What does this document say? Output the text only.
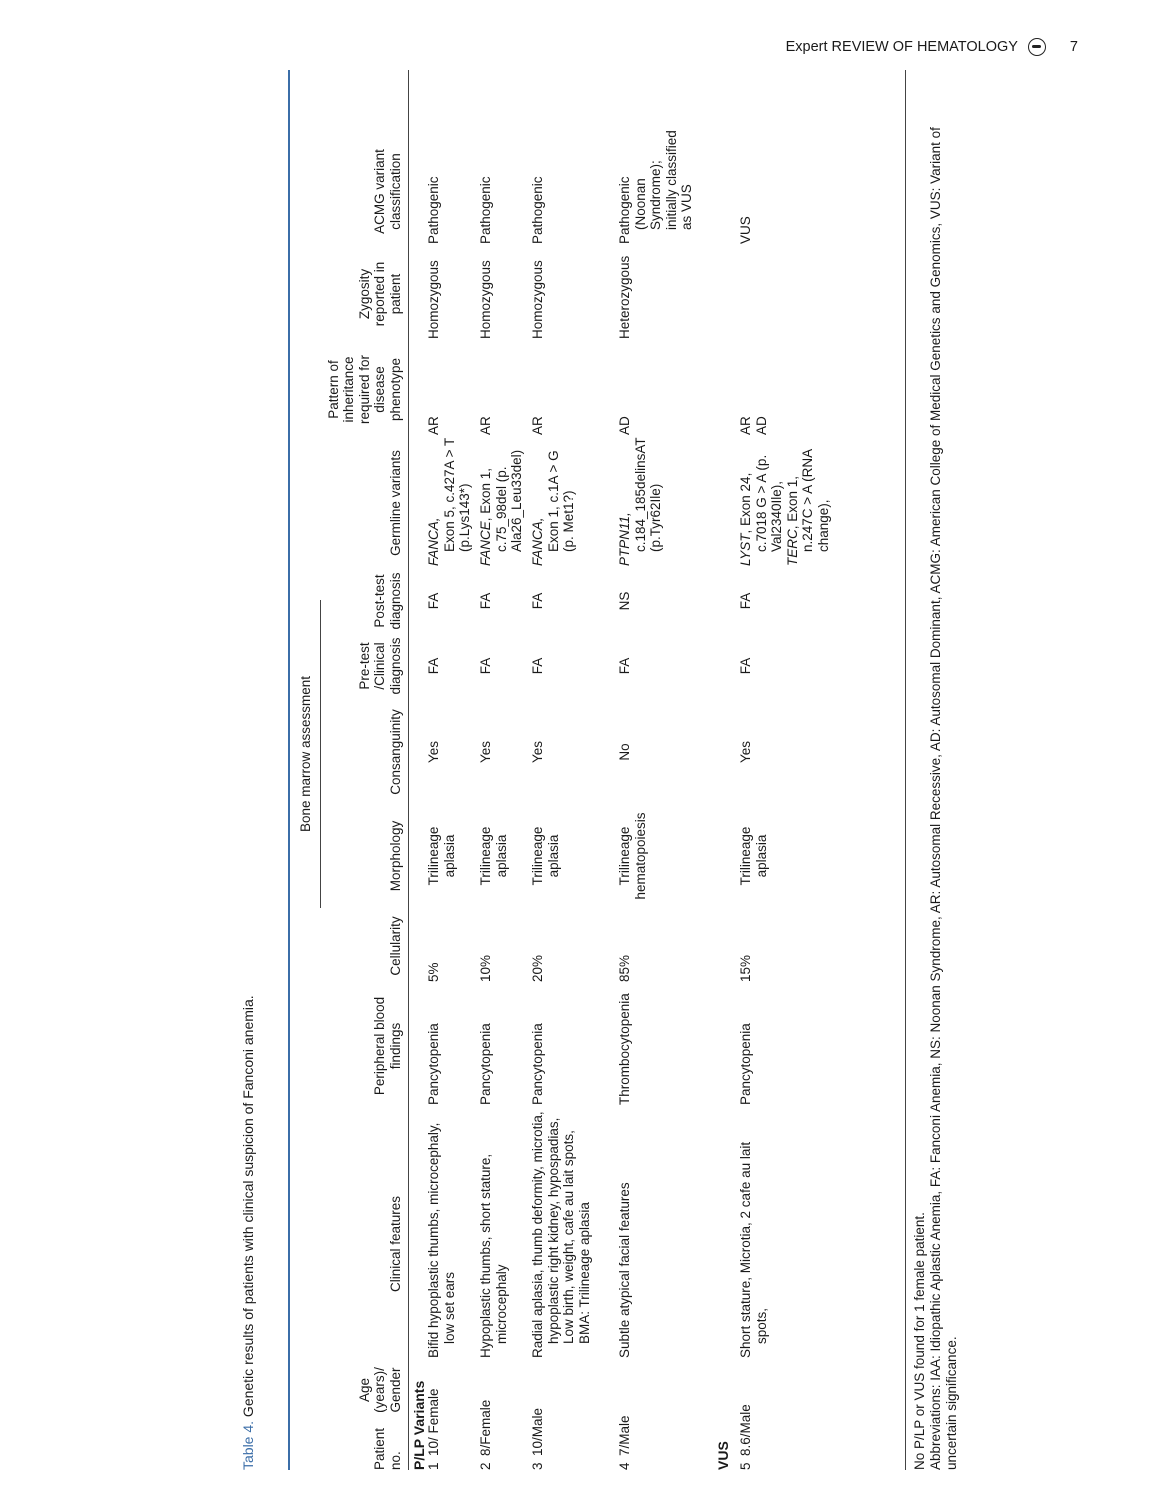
Expert REVIEW OF HEMATOLOGY	7
Table 4. Genetic results of patients with clinical suspicion of Fanconi anemia.
Bone marrow assessment
Patient no.
Age (years)/ Gender
Clinical features
Peripheral blood findings
Cellularity
Morphology
Consanguinity
Pre-test /Clinical diagnosis
Post-test diagnosis
Germline variants
Pattern of inheritance required for disease phenotype
Zygosity reported in patient
ACMG variant classification
P/LP Variants 1
10/ Female
Bifid hypoplastic thumbs, microcephaly, low set ears
Pancytopenia
5%
Trilineage aplasia
Yes
FA
FA
FANCA, Exon 5, c.427A > T (p.Lys143*)
AR
Homozygous
Pathogenic
2
8/Female
Hypoplastic thumbs, short stature, microcephaly
Pancytopenia
10%
Trilineage aplasia
Yes
FA
FA
FANCE, Exon 1, c.75_98del (p. Ala26_Leu33del)
AR
Homozygous
Pathogenic
3
10/Male
Radial aplasia, thumb deformity, microtia, hypoplastic right kidney, hypospadias, Low birth, weight, cafe au lait spots, BMA: Trilineage aplasia
Pancytopenia
20%
Trilineage aplasia
Yes
FA
FA
FANCA, Exon 1, c.1A > G (p. Met1?)
AR
Homozygous
Pathogenic
4
7/Male
Subtle atypical facial features
Thrombocytopenia
85%
Trilineage hematopoiesis
No
FA
NS
PTPN11, c.184_185delinsAT (p.Tyr62Ile)
AD
Heterozygous
Pathogenic (Noonan Syndrome); initially classified as VUS
VUS 5
8.6/Male
Short stature, Microtia, 2 cafe au lait spots,
Pancytopenia
15%
Trilineage aplasia
Yes
FA
FA
LYST, Exon 24, c.7018 G > A (p. Val2340Ile), TERC, Exon 1, n.247C > A (RNA change),
AR AD
VUS
No P/LP or VUS found for 1 female patient. Abbreviations: IAA: Idiopathic Aplastic Anemia, FA: Fanconi Anemia, NS: Noonan Syndrome, AR: Autosomal Recessive, AD: Autosomal Dominant, ACMG: American College of Medical Genetics and Genomics, VUS: Variant of uncertain significance.
